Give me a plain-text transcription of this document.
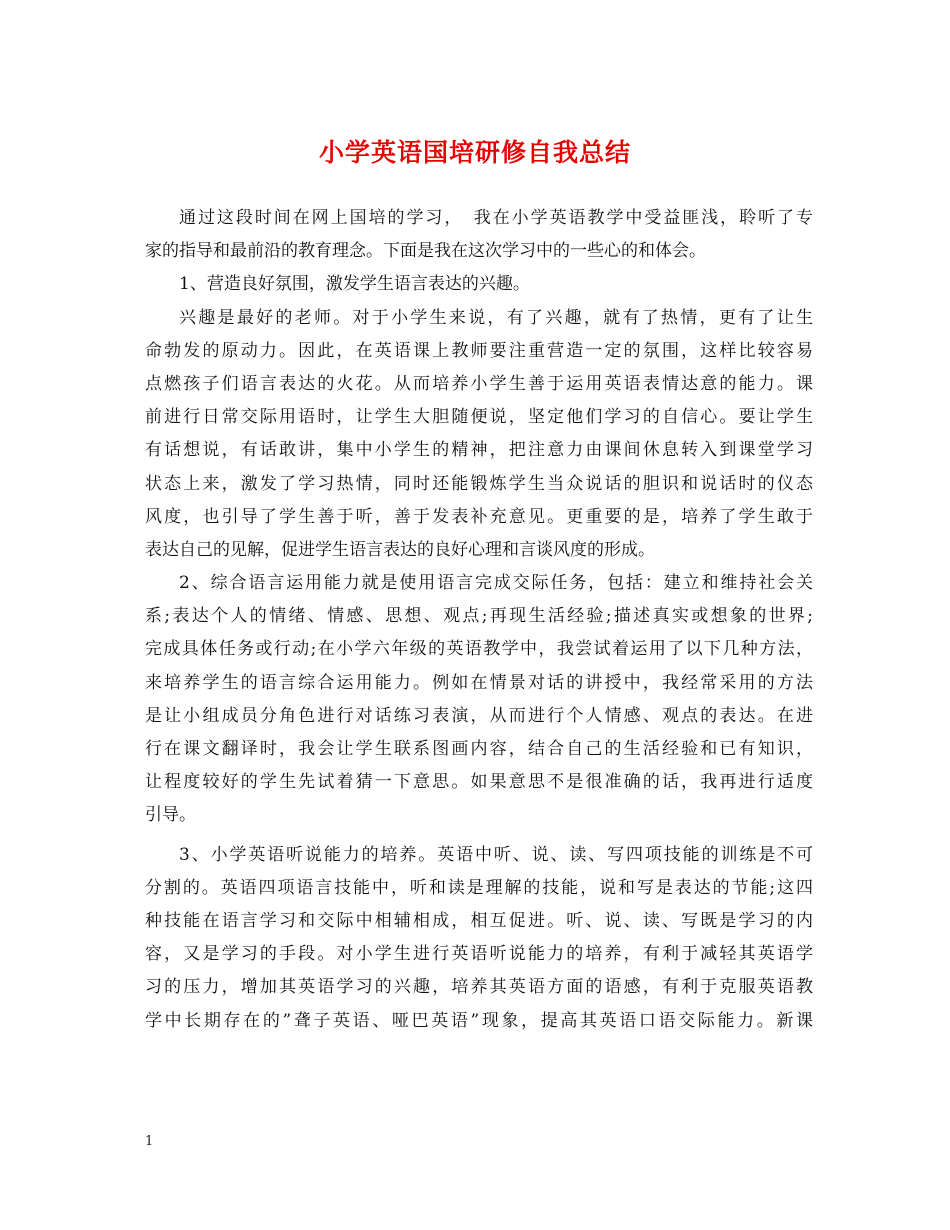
小学英语国培研修自我总结
通过这段时间在网上国培的学习，　我在小学英语教学中受益匪浅，聆听了专
家的指导和最前沿的教育理念。下面是我在这次学习中的一些心的和体会。
1、营造良好氛围，激发学生语言表达的兴趣。
兴趣是最好的老师。对于小学生来说，有了兴趣，就有了热情，更有了让生
命勃发的原动力。因此，在英语课上教师要注重营造一定的氛围，这样比较容易
点燃孩子们语言表达的火花。从而培养小学生善于运用英语表情达意的能力。课
前进行日常交际用语时，让学生大胆随便说，坚定他们学习的自信心。要让学生
有话想说，有话敢讲，集中小学生的精神，把注意力由课间休息转入到课堂学习
状态上来，激发了学习热情，同时还能锻炼学生当众说话的胆识和说话时的仪态
风度，也引导了学生善于听，善于发表补充意见。更重要的是，培养了学生敢于
表达自己的见解，促进学生语言表达的良好心理和言谈风度的形成。
2、综合语言运用能力就是使用语言完成交际任务，包括：建立和维持社会关
系;表达个人的情绪、情感、思想、观点;再现生活经验;描述真实或想象的世界;
完成具体任务或行动;在小学六年级的英语教学中，我尝试着运用了以下几种方法，
来培养学生的语言综合运用能力。例如在情景对话的讲授中，我经常采用的方法
是让小组成员分角色进行对话练习表演，从而进行个人情感、观点的表达。在进
行在课文翻译时，我会让学生联系图画内容，结合自己的生活经验和已有知识，
让程度较好的学生先试着猜一下意思。如果意思不是很准确的话，我再进行适度
引导。
3、小学英语听说能力的培养。英语中听、说、读、写四项技能的训练是不可
分割的。英语四项语言技能中，听和读是理解的技能，说和写是表达的节能;这四
种技能在语言学习和交际中相辅相成，相互促进。听、说、读、写既是学习的内
容，又是学习的手段。对小学生进行英语听说能力的培养，有利于减轻其英语学
习的压力，增加其英语学习的兴趣，培养其英语方面的语感，有利于克服英语教
学中长期存在的”聋子英语、哑巴英语”现象，提高其英语口语交际能力。新课
1
